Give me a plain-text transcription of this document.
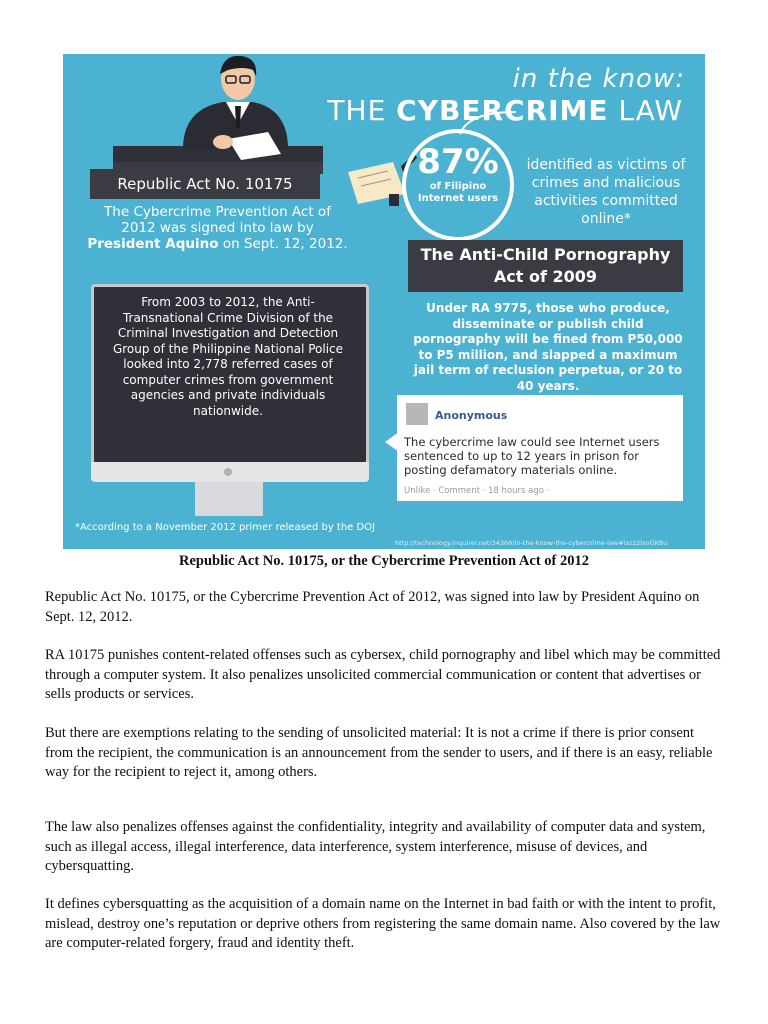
in the know:
THE CYBERCRIME LAW
Republic Act No. 10175
The Cybercrime Prevention Act of 2012 was signed into law by President Aquino on Sept. 12, 2012.
87%
of Filipino Internet users
identified as victims of crimes and malicious activities committed online*
The Anti-Child Pornography Act of 2009
Under RA 9775, those who produce, disseminate or publish child pornography will be fined from P50,000 to P5 million, and slapped a maximum jail term of reclusion perpetua, or 20 to 40 years.
From 2003 to 2012, the Anti-Transnational Crime Division of the Criminal Investigation and Detection Group of the Philippine National Police looked into 2,778 referred cases of computer crimes from government agencies and private individuals nationwide.	Anonymous
The cybercrime law could see Internet users sentenced to up to 12 years in prison for posting defamatory materials online.
Unlike · Comment · 18 hours ago ·
*According to a November 2012 primer released by the DOJ
http://technology.inquirer.net/34366/in-the-know-the-cybercrime-law#ixzz2lsoGKBu
Republic Act No. 10175, or the Cybercrime Prevention Act of 2012

Republic Act No. 10175, or the Cybercrime Prevention Act of 2012, was signed into law by President Aquino on Sept. 12, 2012.

RA 10175 punishes content-related offenses such as cybersex, child pornography and libel which may be committed through a computer system. It also penalizes unsolicited commercial communication or content that advertises or sells products or services.

But there are exemptions relating to the sending of unsolicited material: It is not a crime if there is prior consent from the recipient, the communication is an announcement from the sender to users, and if there is an easy, reliable way for the recipient to reject it, among others.

The law also penalizes offenses against the confidentiality, integrity and availability of computer data and system, such as illegal access, illegal interference, data interference, system interference, misuse of devices, and cybersquatting.

It defines cybersquatting as the acquisition of a domain name on the Internet in bad faith or with the intent to profit, mislead, destroy one’s reputation or deprive others from registering the same domain name. Also covered by the law are computer-related forgery, fraud and identity theft.
